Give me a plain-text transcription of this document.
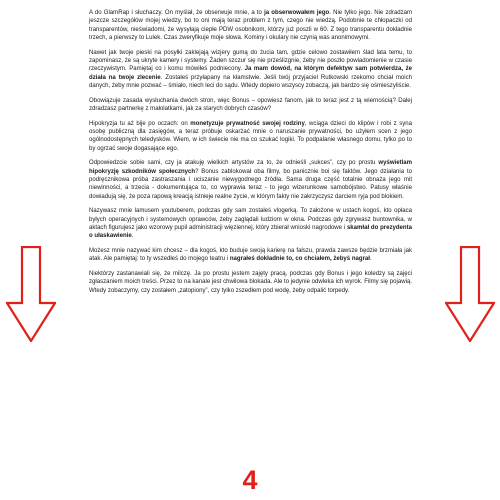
A do GlamRap i słuchaczy. On myślał, że obserwuje mnie, a to ja obserwowałem jego. Nie tylko jego. Nie zdradzam jeszcze szczegółów mojej wiedzy, bo to oni mają teraz problem z tym, czego nie wiedzą. Podobnie te chłopaczki od transparentów, nieświadomi, że wysyłają ciepłe PDW osobnikom, którzy już poszli w 60. Z tego transparentu dokładnie trzech, a pierwszy to Lulek. Czas zweryfikuje moje słowa. Kominy i okulary nie czynią was anonimowymi.

Nawet jak twoje pieski na posyłki zaklejają wizjery gumą do żucia tam, gdzie celowo zostawiłem ślad lata temu, to zapominasz, że są ukryte kamery i systemy. Żaden szczur się nie prześlizgnie, żeby nie poszło powiadomienie w czasie rzeczywistym. Pamiętaj co i komu mówiłeś podniecony. Ja mam dowód, na którym defektyw sam potwierdza, że działa na twoje zlecenie. Zostałeś przyłapany na kłamstwie. Jeśli twój przyjaciel Rutkowski rzekomo chciał moich danych, żeby mnie pozwać – śmiało, niech leci do sądu. Wtedy dopiero wszyscy zobaczą, jak bardzo się ośmieszyliście.

Obowiązuje zasada wysłuchania dwóch stron, więc Bonus – opowiesz fanom, jak to teraz jest z tą wiernością? Dalej zdradzasz partnerkę z małolatkami, jak za starych dobrych czasów?

Hipokryzja tu aż bije po oczach: on monetyzuje prywatność swojej rodziny, wciąga dzieci do klipów i robi z syna osobę publiczną dla zasięgów, a teraz próbuje oskarżać mnie o naruszanie prywatności, bo użyłem scen z jego ogólnodostępnych teledysków. Wiem, w ich świecie nie ma co szukać logiki. To podpalanie własnego domu, tylko po to by ogrzać swoje dogasające ego.

Odpowiedzcie sobie sami, czy ja atakuję wielkich artystów za to, że odnieśli „sukces”, czy po prostu wyświetlam hipokryzję szkodników społecznych? Bonus zablokował oba filmy, bo panicznie boi się faktów. Jego działania to podręcznikowa próba zastraszania i uciszanie niewygodnego źródła. Sama druga część totalnie obnaża jego mit niewinności, a trzecia - dokumentująca to, co wyprawia teraz - to jego wizerunkowe samobójstwo. Patusy właśnie dowiadują się, że poza rapową kreacją istnieje realne życie, w którym fakty nie zakrzyczysz darciem ryja pod blokiem.

Nazywasz mnie lamusem youtuberem, podczas gdy sam zostałeś vlogerką. To założone w ustach kogoś, kto opłaca byłych operacyjnych i systemowych oprawców, żeby zaglądali ludziom w okna. Podczas gdy zgrywasz buntownika, w aktach figurujesz jako wzorowy pupil administracji więziennej, który zbierał wnioski nagrodowe i skamłał do prezydenta o ułaskawienie.

Możesz mnie nazywać kim chcesz – dla kogoś, kto buduje swoją karierę na fałszu, prawda zawsze będzie brzmiała jak atak. Ale pamiętaj: to ty wszedłeś do mojego teatru i nagrałeś dokładnie to, co chciałem, żebyś nagrał.

Niektórzy zastanawiali się, że milczę. Ja po prostu jestem zajęty pracą, podczas gdy Bonus i jego koledzy są zajęci zgłaszaniem moich treści. Przez to na kanale jest chwilowa blokada. Ale to jedynie odwleka ich wyrok. Filmy się pojawią. Wtedy zobaczymy, czy zostałem „zatopiony”, czy tylko zszedłem pod wodę, żeby odpalić torpedy.

4
